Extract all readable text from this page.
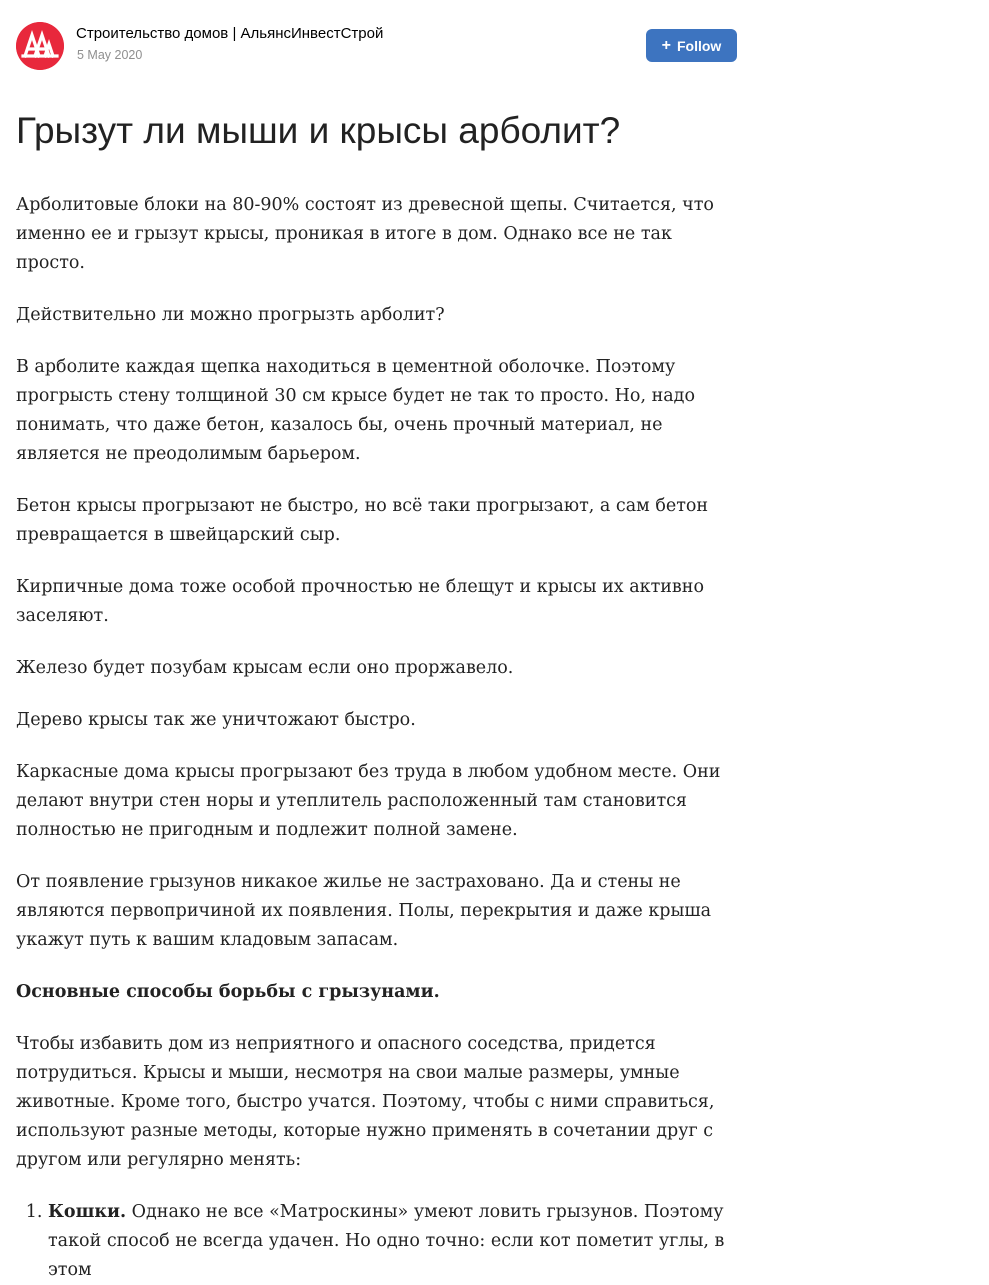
Строительство домов | АльянсИнвестСтрой
5 May 2020
+ Follow
Грызут ли мыши и крысы арболит?

Арболитовые блоки на 80-90% состоят из древесной щепы. Считается, что именно ее и грызут крысы, проникая в итоге в дом. Однако все не так просто.

Действительно ли можно прогрызть арболит?

В арболите каждая щепка находиться в цементной оболочке. Поэтому прогрысть стену толщиной 30 см крысе будет не так то просто. Но, надо понимать, что даже бетон, казалось бы, очень прочный материал, не является не преодолимым барьером.

Бетон крысы прогрызают не быстро, но всё таки прогрызают, а сам бетон превращается в швейцарский сыр.

Кирпичные дома тоже особой прочностью не блещут и крысы их активно заселяют.

Железо будет позубам крысам если оно проржавело.

Дерево крысы так же уничтожают быстро.

Каркасные дома крысы прогрызают без труда в любом удобном месте. Они делают внутри стен норы и утеплитель расположенный там становится полностью не пригодным и подлежит полной замене.

От появление грызунов никакое жилье не застраховано. Да и стены не являются первопричиной их появления. Полы, перекрытия и даже крыша укажут путь к вашим кладовым запасам.

Основные способы борьбы с грызунами.

Чтобы избавить дом из неприятного и опасного соседства, придется потрудиться. Крысы и мыши, несмотря на свои малые размеры, умные животные. Кроме того, быстро учатся. Поэтому, чтобы с ними справиться, используют разные методы, которые нужно применять в сочетании друг с другом или регулярно менять:

1. Кошки. Однако не все «Матроскины» умеют ловить грызунов. Поэтому такой способ не всегда удачен. Но одно точно: если кот пометит углы, в этом
